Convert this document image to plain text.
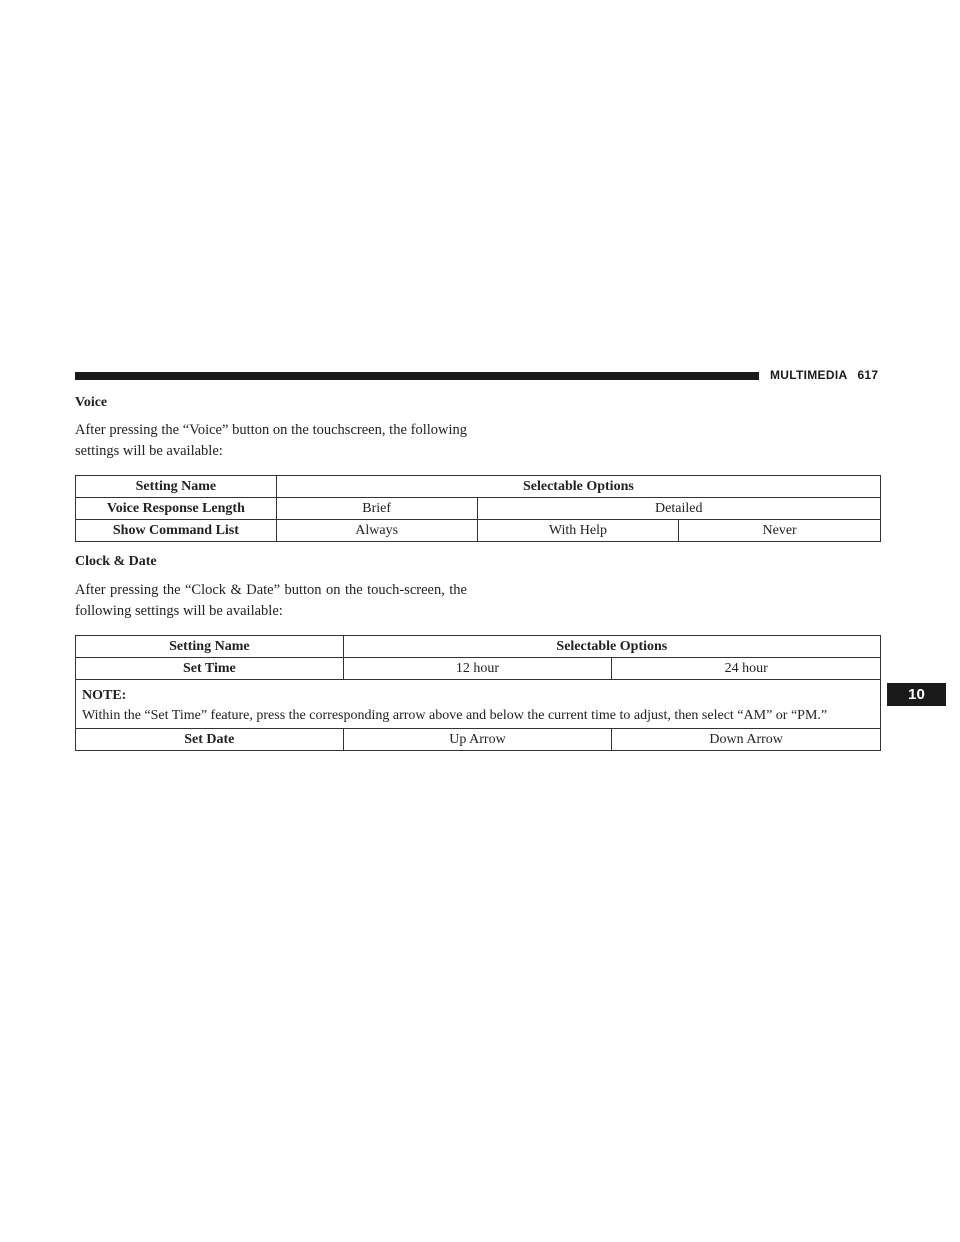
MULTIMEDIA 617
10
Voice
After pressing the “Voice” button on the touchscreen, the following settings will be available:
Setting Name	Selectable Options		
Voice Response Length	Brief	Detailed	
Show Command List	Always	With Help	Never
Clock & Date
After pressing the “Clock & Date” button on the touch-screen, the following settings will be available:
Setting Name	Selectable Options	
Set Time	12 hour	24 hour

NOTE:
Within the “Set Time” feature, press the corresponding arrow above and below the current time to adjust, then select “AM” or “PM.”		
Set Date	Up Arrow	Down Arrow
